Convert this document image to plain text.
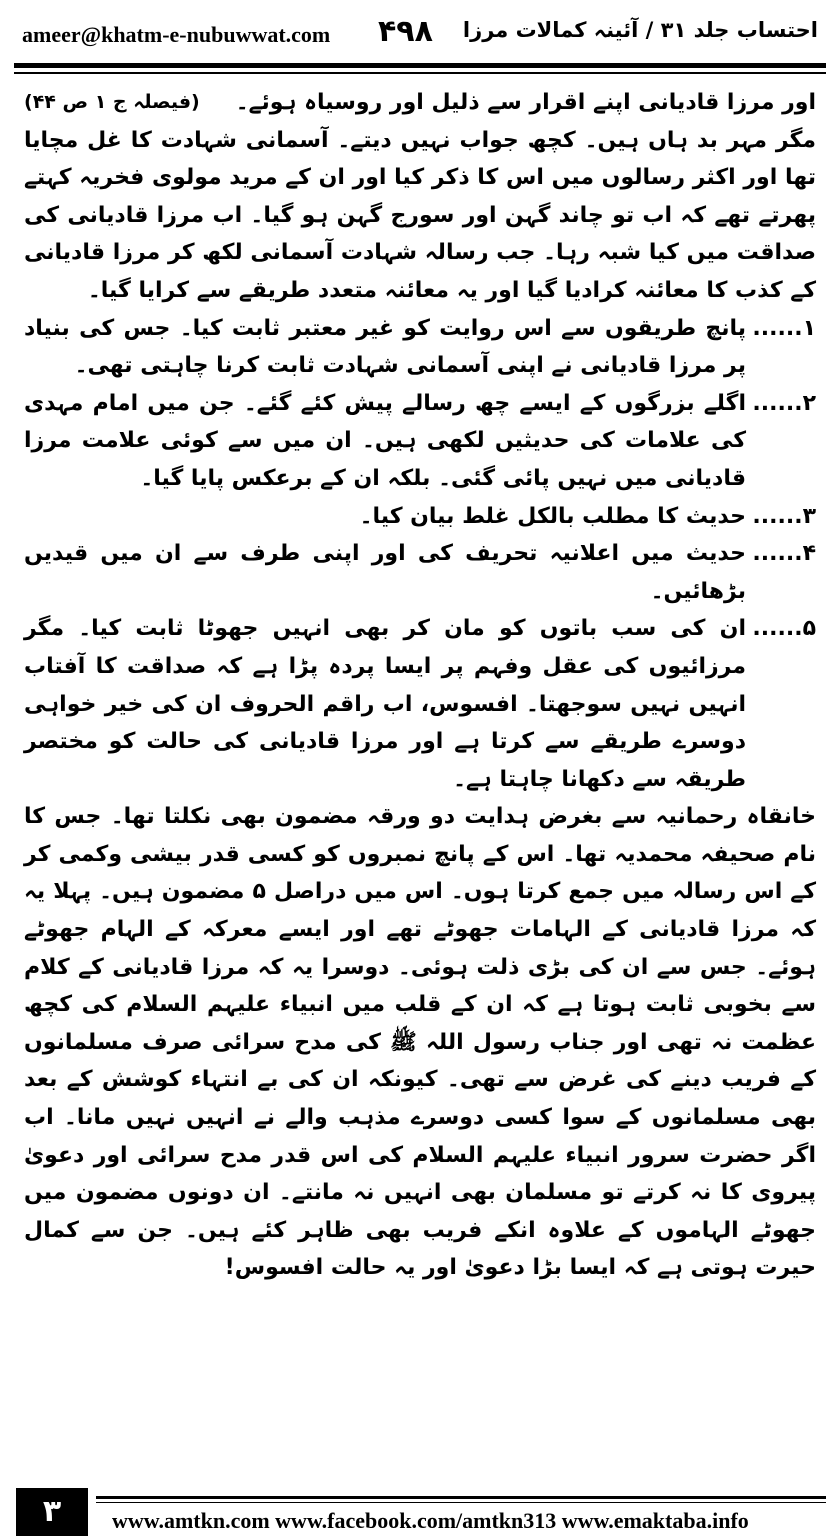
ameer@khatm-e-nubuwwat.com ۴۹۸ احتساب جلد ۳۱ / آئینہ کمالات مرزا

(فیصلہ ج ۱ ص ۴۴) اور مرزا قادیانی اپنے اقرار سے ذلیل اور روسیاہ ہوئے۔

مگر مہر بد ہاں ہیں۔ کچھ جواب نہیں دیتے۔ آسمانی شہادت کا غل مچایا تھا اور اکثر رسالوں میں اس کا ذکر کیا اور ان کے مرید مولوی فخریہ کہتے پھرتے تھے کہ اب تو چاند گہن اور سورج گہن ہو گیا۔ اب مرزا قادیانی کی صداقت میں کیا شبہ رہا۔ جب رسالہ شہادت آسمانی لکھ کر مرزا قادیانی کے کذب کا معائنہ کرادیا گیا اور یہ معائنہ متعدد طریقے سے کرایا گیا۔

۱......
پانچ طریقوں سے اس روایت کو غیر معتبر ثابت کیا۔ جس کی بنیاد پر مرزا قادیانی نے اپنی آسمانی شہادت ثابت کرنا چاہتی تھی۔
۲......
اگلے بزرگوں کے ایسے چھ رسالے پیش کئے گئے۔ جن میں امام مہدی کی علامات کی حدیثیں لکھی ہیں۔ ان میں سے کوئی علامت مرزا قادیانی میں نہیں پائی گئی۔ بلکہ ان کے برعکس پایا گیا۔
۳......
حدیث کا مطلب بالکل غلط بیان کیا۔
۴......
حدیث میں اعلانیہ تحریف کی اور اپنی طرف سے ان میں قیدیں بڑھائیں۔
۵......
ان کی سب باتوں کو مان کر بھی انہیں جھوٹا ثابت کیا۔ مگر مرزائیوں کی عقل وفہم پر ایسا پردہ پڑا ہے کہ صداقت کا آفتاب انہیں نہیں سوجھتا۔ افسوس، اب راقم الحروف ان کی خیر خواہی دوسرے طریقے سے کرتا ہے اور مرزا قادیانی کی حالت کو مختصر طریقہ سے دکھانا چاہتا ہے۔

خانقاہ رحمانیہ سے بغرض ہدایت دو ورقہ مضمون بھی نکلتا تھا۔ جس کا نام صحیفہ محمدیہ تھا۔ اس کے پانچ نمبروں کو کسی قدر بیشی وکمی کر کے اس رسالہ میں جمع کرتا ہوں۔ اس میں دراصل ۵ مضمون ہیں۔ پہلا یہ کہ مرزا قادیانی کے الہامات جھوٹے تھے اور ایسے معرکہ کے الہام جھوٹے ہوئے۔ جس سے ان کی بڑی ذلت ہوئی۔ دوسرا یہ کہ مرزا قادیانی کے کلام سے بخوبی ثابت ہوتا ہے کہ ان کے قلب میں انبیاء علیہم السلام کی کچھ عظمت نہ تھی اور جناب رسول اللہ ﷺ کی مدح سرائی صرف مسلمانوں کے فریب دینے کی غرض سے تھی۔ کیونکہ ان کی بے انتہاء کوشش کے بعد بھی مسلمانوں کے سوا کسی دوسرے مذہب والے نے انہیں نہیں مانا۔ اب اگر حضرت سرور انبیاء علیہم السلام کی اس قدر مدح سرائی اور دعویٰ پیروی کا نہ کرتے تو مسلمان بھی انہیں نہ مانتے۔ ان دونوں مضمون میں جھوٹے الہاموں کے علاوہ انکے فریب بھی ظاہر کئے ہیں۔ جن سے کمال حیرت ہوتی ہے کہ ایسا بڑا دعویٰ اور یہ حالت افسوس!

۳	www.amtkn.com www.facebook.com/amtkn313 www.emaktaba.info
